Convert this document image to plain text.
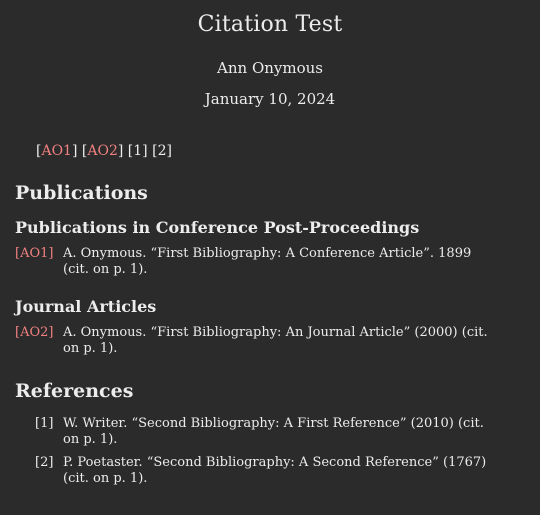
Citation Test
Ann Onymous
January 10, 2024
[AO1] [AO2] [1] [2]
Publications
Publications in Conference Post-Proceedings
[AO1] A. Onymous. “First Bibliography: A Conference Article”. 1899 (cit. on p. 1).
Journal Articles
[AO2] A. Onymous. “First Bibliography: An Journal Article” (2000) (cit. on p. 1).
References
[1] W. Writer. “Second Bibliography: A First Reference” (2010) (cit. on p. 1).
[2] P. Poetaster. “Second Bibliography: A Second Reference” (1767) (cit. on p. 1).
